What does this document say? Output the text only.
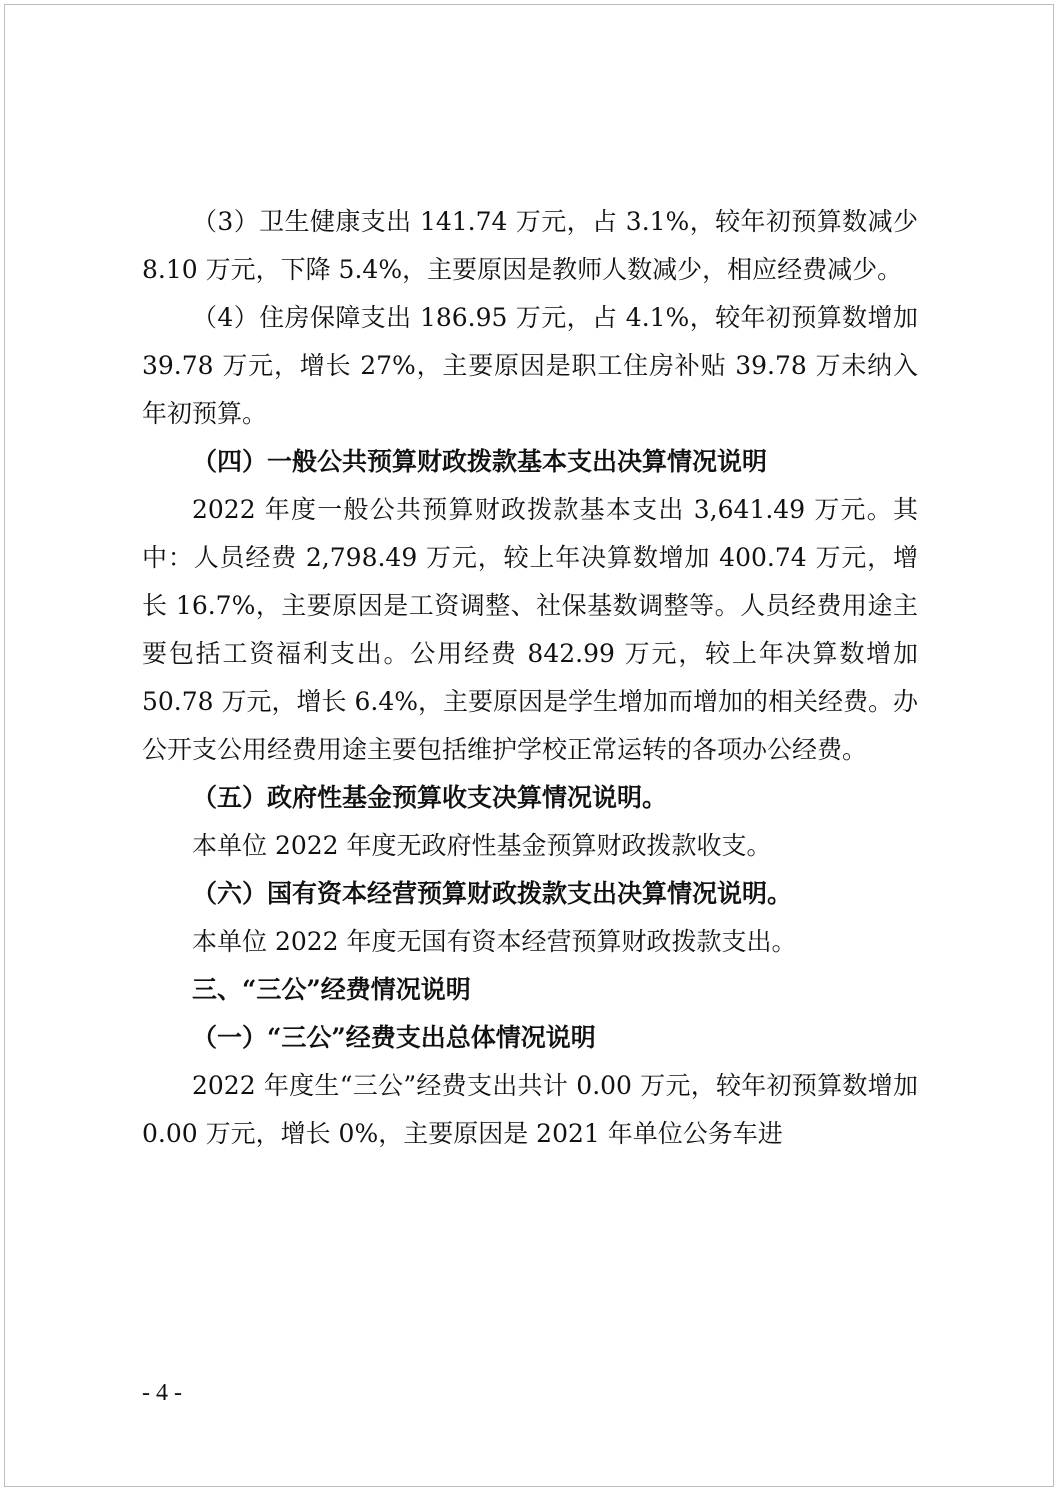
（3）卫生健康支出 141.74 万元，占 3.1%，较年初预算数减少 8.10 万元，下降 5.4%，主要原因是教师人数减少，相应经费减少。

（4）住房保障支出 186.95 万元，占 4.1%，较年初预算数增加 39.78 万元，增长 27%，主要原因是职工住房补贴 39.78 万未纳入年初预算。

（四）一般公共预算财政拨款基本支出决算情况说明

2022 年度一般公共预算财政拨款基本支出 3,641.49 万元。其中：人员经费 2,798.49 万元，较上年决算数增加 400.74 万元，增长 16.7%，主要原因是工资调整、社保基数调整等。人员经费用途主要包括工资福利支出。公用经费 842.99 万元，较上年决算数增加 50.78 万元，增长 6.4%，主要原因是学生增加而增加的相关经费。办公开支公用经费用途主要包括维护学校正常运转的各项办公经费。

（五）政府性基金预算收支决算情况说明。

本单位 2022 年度无政府性基金预算财政拨款收支。

（六）国有资本经营预算财政拨款支出决算情况说明。

本单位 2022 年度无国有资本经营预算财政拨款支出。

三、“三公”经费情况说明

（一）“三公”经费支出总体情况说明

2022 年度生“三公”经费支出共计 0.00 万元，较年初预算数增加 0.00 万元，增长 0%，主要原因是 2021 年单位公务车进

- 4 -
